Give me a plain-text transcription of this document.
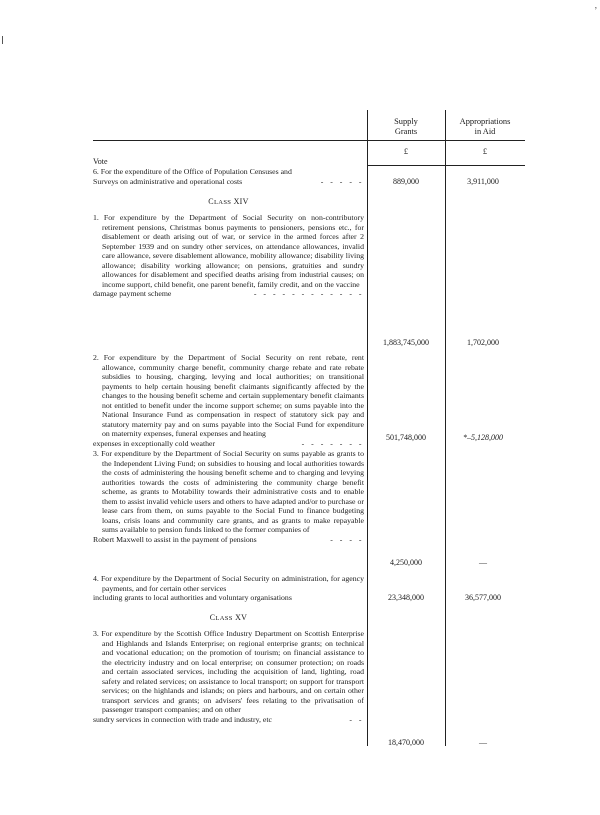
,
Supply
Grants
Appropriations
in Aid
£	£
Vote
6. For the expenditure of the Office of Population Censuses and
Surveys on administrative and operational costs	- - - - -	889,000	3,911,000
CLASS XIV
1. For expenditure by the Department of Social Security on non-contributory retirement pensions, Christmas bonus payments to pensioners, pensions etc., for disablement or death arising out of war, or service in the armed forces after 2 September 1939 and on sundry other services, on attendance allowances, invalid care allowance, severe disablement allowance, mobility allowance; disability living allowance; disability working allowance; on pensions, gratuities and sundry allowances for disablement and specified deaths arising from industrial causes; on income support, child benefit, one parent benefit, family credit, and on the vaccine
damage payment scheme	- - - - - - - - - - - -
1,883,745,000	1,702,000
2. For expenditure by the Department of Social Security on rent rebate, rent allowance, community charge benefit, community charge rebate and rate rebate subsidies to housing, charging, levying and local authorities; on transitional payments to help certain housing benefit claimants significantly affected by the changes to the housing benefit scheme and certain supplementary benefit claimants not entitled to benefit under the income support scheme; on sums payable into the National Insurance Fund as compensation in respect of statutory sick pay and statutory maternity pay and on sums payable into the Social Fund for expenditure on maternity expenses, funeral expenses and heating
expenses in exceptionally cold weather	- - - - - - -
501,748,000	*–5,128,000
3. For expenditure by the Department of Social Security on sums payable as grants to the Independent Living Fund; on subsidies to housing and local authorities towards the costs of administering the housing benefit scheme and to charging and levying authorities towards the costs of administering the community charge benefit scheme, as grants to Motability towards their administrative costs and to enable them to assist invalid vehicle users and others to have adapted and/or to purchase or lease cars from them, on sums payable to the Social Fund to finance budgeting loans, crisis loans and community care grants, and as grants to make repayable sums available to pension funds linked to the former companies of
Robert Maxwell to assist in the payment of pensions	- - - -
4,250,000	—
4. For expenditure by the Department of Social Security on administration, for agency payments, and for certain other services
including grants to local authorities and voluntary organisations	23,348,000	36,577,000
CLASS XV
3. For expenditure by the Scottish Office Industry Department on Scottish Enterprise and Highlands and Islands Enterprise; on regional enterprise grants; on technical and vocational education; on the promotion of tourism; on financial assistance to the electricity industry and on local enterprise; on consumer protection; on roads and certain associated services, including the acquisition of land, lighting, road safety and related services; on assistance to local transport; on support for transport services; on the highlands and islands; on piers and harbours, and on certain other transport services and grants; on advisers' fees relating to the privatisation of passenger transport companies; and on other
sundry services in connection with trade and industry, etc	- -
18,470,000	—
